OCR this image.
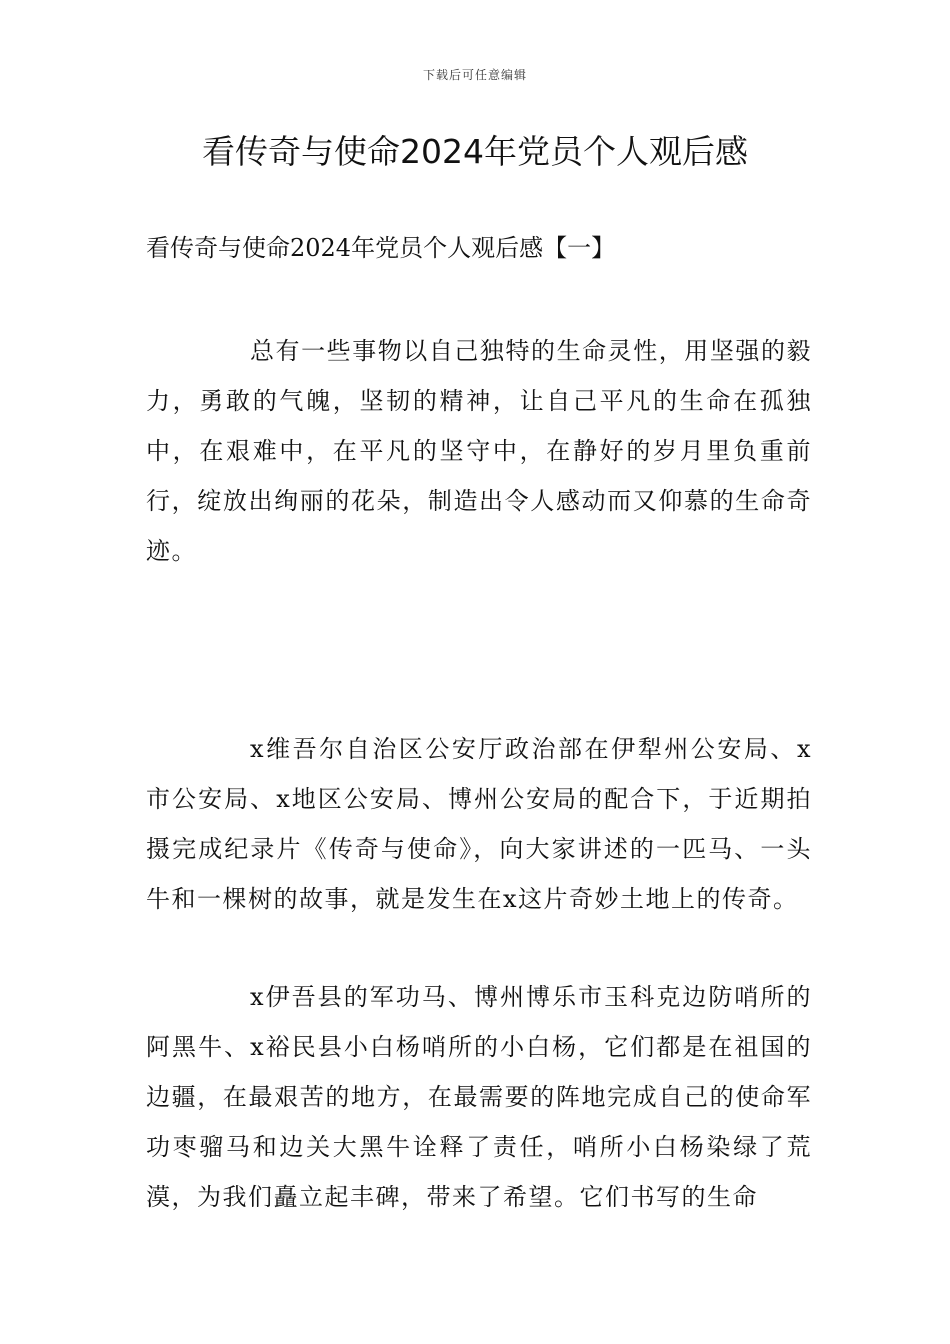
下载后可任意编辑
看传奇与使命2024年党员个人观后感

看传奇与使命2024年党员个人观后感【一】

总有一些事物以自己独特的生命灵性，用坚强的毅力，勇敢的气魄，坚韧的精神，让自己平凡的生命在孤独中，在艰难中，在平凡的坚守中，在静好的岁月里负重前行，绽放出绚丽的花朵，制造出令人感动而又仰慕的生命奇迹。

x维吾尔自治区公安厅政治部在伊犁州公安局、x市公安局、x地区公安局、博州公安局的配合下，于近期拍摄完成纪录片《传奇与使命》，向大家讲述的一匹马、一头牛和一棵树的故事，就是发生在x这片奇妙土地上的传奇。

x伊吾县的军功马、博州博乐市玉科克边防哨所的阿黑牛、x裕民县小白杨哨所的小白杨，它们都是在祖国的边疆，在最艰苦的地方，在最需要的阵地完成自己的使命军功枣骝马和边关大黑牛诠释了责任，哨所小白杨染绿了荒漠，为我们矗立起丰碑，带来了希望。它们书写的生命
